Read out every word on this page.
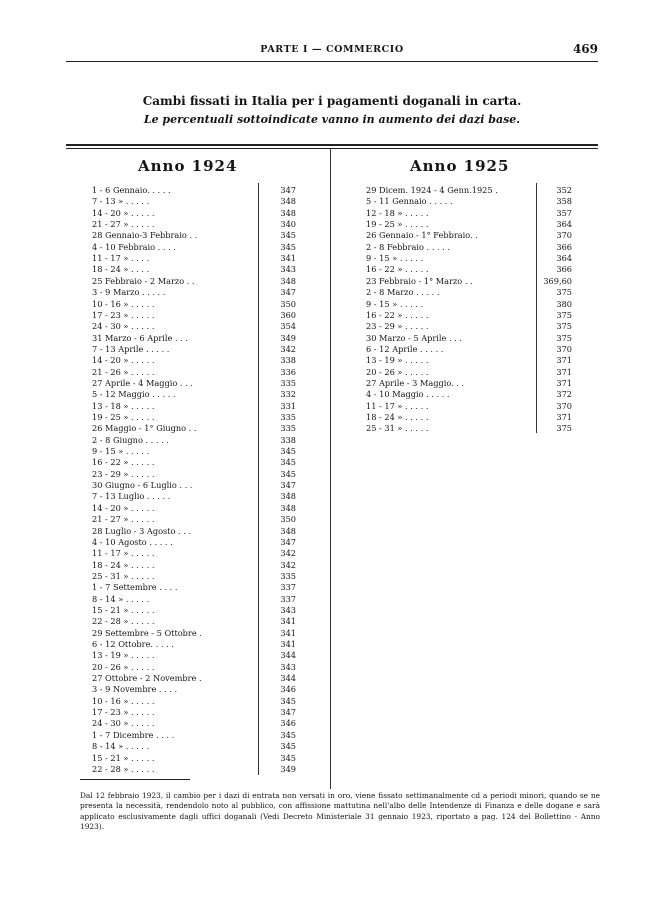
PARTE I — COMMERCIO	469
Cambi fissati in Italia per i pagamenti doganali in carta.
Le percentuali sottoindicate vanno in aumento dei dazi base.
Anno 1924	Anno 1925
1 - 6 Gennaio. . . . .	347
7 - 13 » . . . . .	348
14 - 20 » . . . . .	348
21 - 27 » . . . . .	340
28 Gennaio-3 Febbraio . .	345
4 - 10 Febbraio . . . .	345
11 - 17 » . . . .	341
18 - 24 » . . . .	343
25 Febbraio - 2 Marzo . .	348
3 - 9 Marzo . . . . .	347
10 - 16 » . . . . .	350
17 - 23 » . . . . .	360
24 - 30 » . . . . .	354
31 Marzo - 6 Aprile . . .	349
7 - 13 Aprile . . . . .	342
14 - 20 » . . . . .	338
21 - 26 » . . . . .	336
27 Aprile - 4 Maggio . . .	335
5 - 12 Maggio . . . . .	332
13 - 18 » . . . . .	331
19 - 25 » . . . . .	335
26 Maggio - 1° Giugno . .	335
2 - 8 Giugno . . . . .	338
9 - 15 » . . . . .	345
16 - 22 » . . . . .	345
23 - 29 » . . . . .	345
30 Giugno - 6 Luglio . . .	347
7 - 13 Luglio . . . . .	348
14 - 20 » . . . . .	348
21 - 27 » . . . . .	350
28 Luglio - 3 Agosto . . .	348
4 - 10 Agosto . . . . .	347
11 - 17 » . . . . .	342
18 - 24 » . . . . .	342
25 - 31 » . . . . .	335
1 - 7 Settembre . . . .	337
8 - 14 » . . . . .	337
15 - 21 » . . . . .	343
22 - 28 » . . . . .	341
29 Settembre - 5 Ottobre .	341
6 - 12 Ottobre. . . . .	341
13 - 19 » . . . . .	344
20 - 26 » . . . . .	343
27 Ottobre - 2 Novembre .	344
3 - 9 Novembre . . . .	346
10 - 16 » . . . . .	345
17 - 23 » . . . . .	347
24 - 30 » . . . . .	346
1 - 7 Dicembre . . . .	345
8 - 14 » . . . . .	345
15 - 21 » . . . . .	345
22 - 28 » . . . . .	349
29 Dicem. 1924 - 4 Genn.1925 .	352
5 - 11 Gennaio . . . . .	358
12 - 18 » . . . . .	357
19 - 25 » . . . . .	364
26 Gennaio - 1° Febbraio. .	370
2 - 8 Febbraio . . . . .	366
9 - 15 » . . . . .	364
16 - 22 » . . . . .	366
23 Febbraio - 1° Marzo . .	369,60
2 - 8 Marzo . . . . .	375
9 - 15 » . . . . .	380
16 - 22 » . . . . .	375
23 - 29 » . . . . .	375
30 Marzo - 5 Aprile . . .	375
6 - 12 Aprile . . . . .	370
13 - 19 » . . . . .	371
20 - 26 » . . . . .	371
27 Aprile - 3 Maggio. . .	371
4 - 10 Maggio . . . . .	372
11 - 17 » . . . . .	370
18 - 24 » . . . . .	371
25 - 31 » . . . . .	375

Dal 12 febbraio 1923, il cambio per i dazi di entrata non versati in oro, viene fissato settimanalmente cd a periodi minori, quando se ne presenta la necessità, rendendolo noto al pubblico, con affissione mattutina nell'albo delle Intendenze di Finanza e delle dogane e sarà applicato esclusivamente dagli uffici doganali (Vedi Decreto Ministeriale 31 gennaio 1923, riportato a pag. 124 del Bollettino - Anno 1923).
